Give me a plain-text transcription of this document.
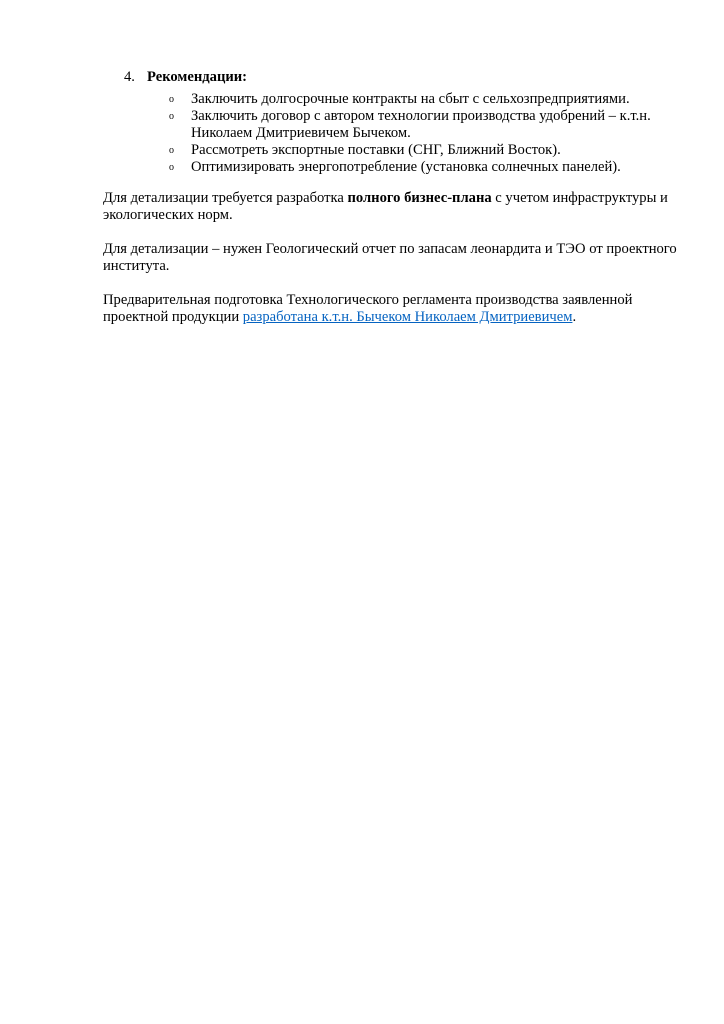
4. Рекомендации:
o Заключить долгосрочные контракты на сбыт с сельхозпредприятиями.
o Заключить договор с автором технологии производства удобрений – к.т.н. Николаем Дмитриевичем Бычеком.
o Рассмотреть экспортные поставки (СНГ, Ближний Восток).
o Оптимизировать энергопотребление (установка солнечных панелей).

Для детализации требуется разработка полного бизнес-плана с учетом инфраструктуры и экологических норм.

Для детализации – нужен Геологический отчет по запасам леонардита и ТЭО от проектного института.

Предварительная подготовка Технологического регламента производства заявленной проектной продукции разработана к.т.н. Бычеком Николаем Дмитриевичем.
